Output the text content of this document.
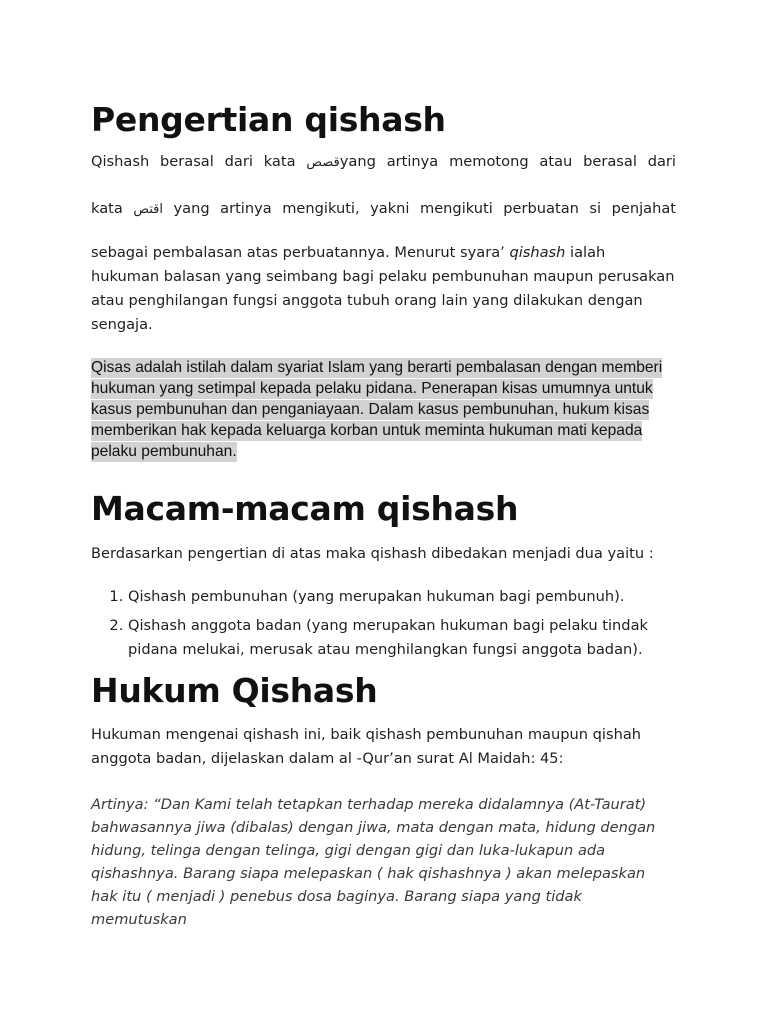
Pengertian qishash

Qishash berasal dari kata قصصyang artinya memotong atau berasal dari

kata اقتص yang artinya mengikuti, yakni mengikuti perbuatan si penjahat

sebagai pembalasan atas perbuatannya. Menurut syara’ qishash ialah hukuman balasan yang seimbang bagi pelaku pembunuhan maupun perusakan atau penghilangan fungsi anggota tubuh orang lain yang dilakukan dengan sengaja.

Qisas adalah istilah dalam syariat Islam yang berarti pembalasan dengan memberi hukuman yang setimpal kepada pelaku pidana. Penerapan kisas umumnya untuk kasus pembunuhan dan penganiayaan. Dalam kasus pembunuhan, hukum kisas memberikan hak kepada keluarga korban untuk meminta hukuman mati kepada pelaku pembunuhan.

Macam-macam qishash

Berdasarkan pengertian di atas maka qishash dibedakan menjadi dua yaitu :

1. Qishash pembunuhan (yang merupakan hukuman bagi pembunuh).
2. Qishash anggota badan (yang merupakan hukuman bagi pelaku tindak pidana melukai, merusak atau menghilangkan fungsi anggota badan).
Hukum Qishash

Hukuman mengenai qishash ini, baik qishash pembunuhan maupun qishah anggota badan, dijelaskan dalam al -Qur’an surat Al Maidah: 45:

Artinya: “Dan Kami telah tetapkan terhadap mereka didalamnya (At-Taurat) bahwasannya jiwa (dibalas) dengan jiwa, mata dengan mata, hidung dengan hidung, telinga dengan telinga, gigi dengan gigi dan luka-lukapun ada qishashnya. Barang siapa melepaskan ( hak qishashnya ) akan melepaskan hak itu ( menjadi ) penebus dosa baginya. Barang siapa yang tidak memutuskan
